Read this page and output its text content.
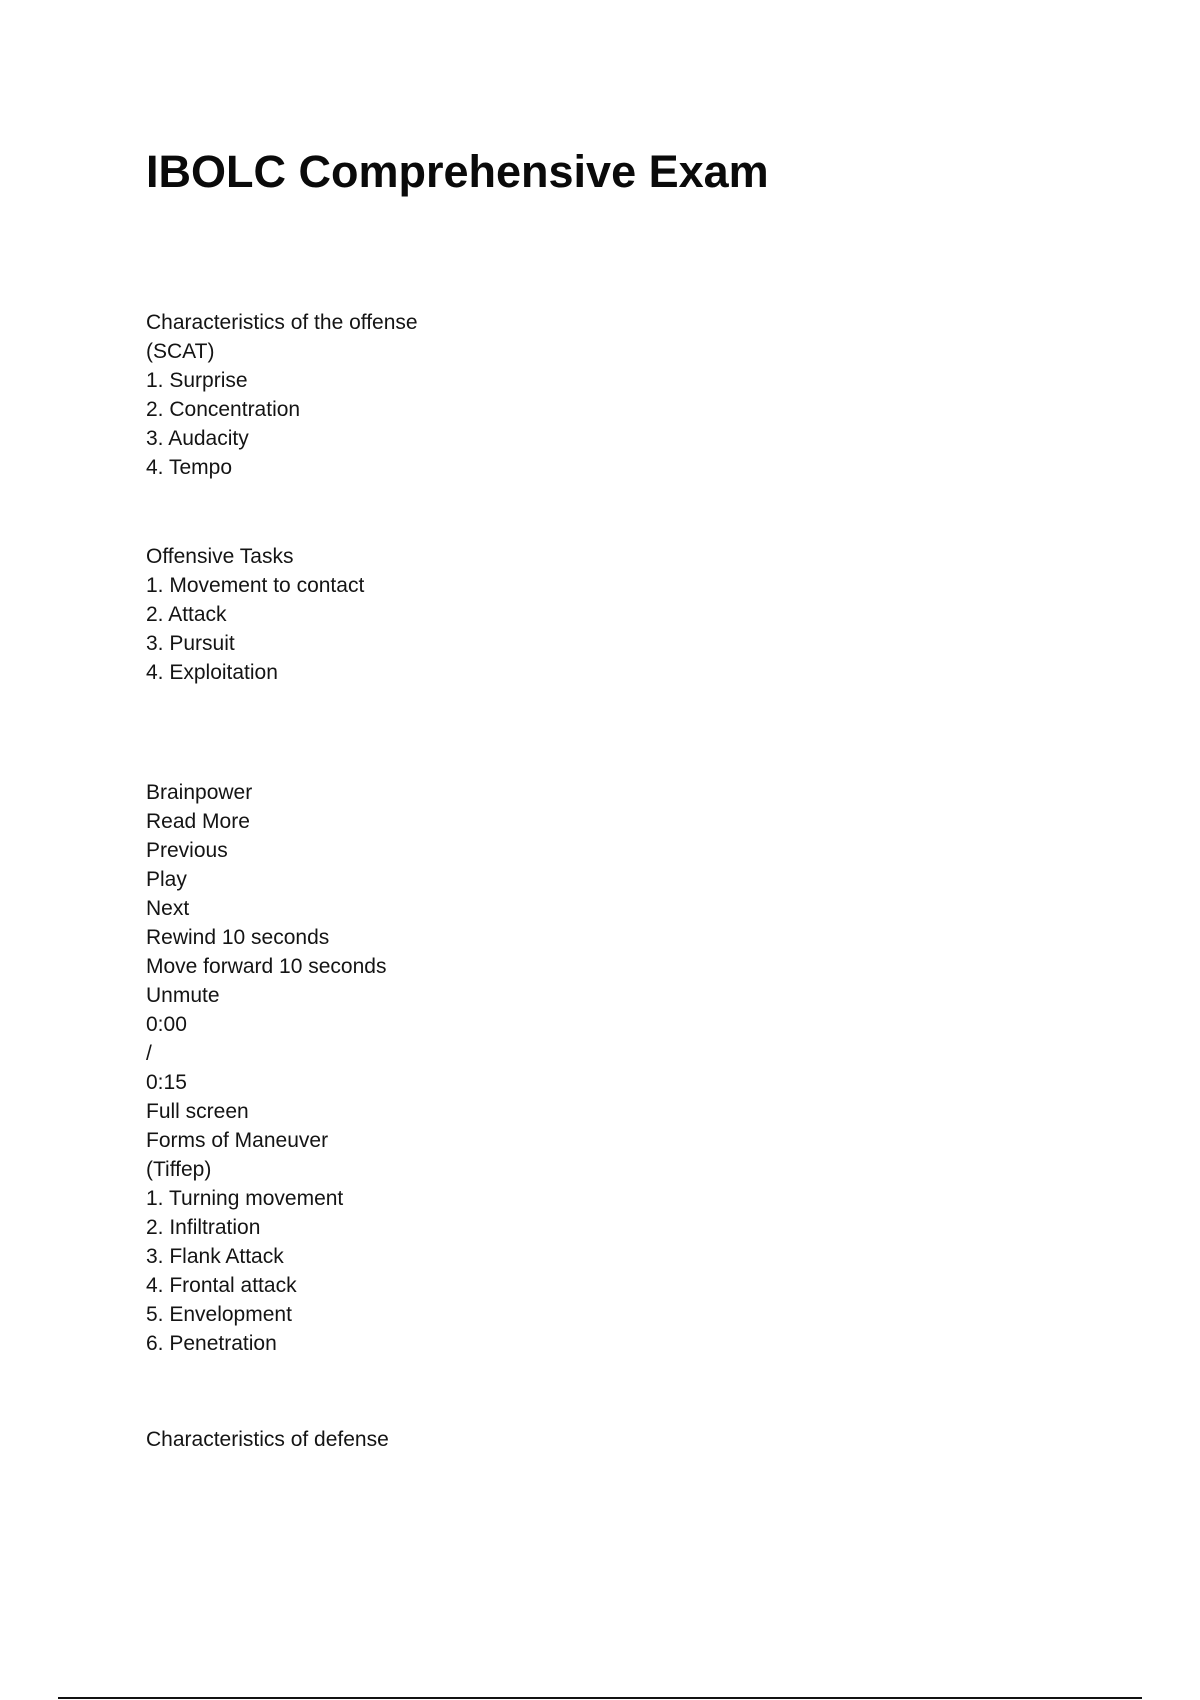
IBOLC Comprehensive Exam
Characteristics of the offense
(SCAT)
1. Surprise
2. Concentration
3. Audacity
4. Tempo
Offensive Tasks
1. Movement to contact
2. Attack
3. Pursuit
4. Exploitation
Brainpower
Read More
Previous
Play
Next
Rewind 10 seconds
Move forward 10 seconds
Unmute
0:00
/
0:15
Full screen
Forms of Maneuver
(Tiffep)
1. Turning movement
2. Infiltration
3. Flank Attack
4. Frontal attack
5. Envelopment
6. Penetration
Characteristics of defense
